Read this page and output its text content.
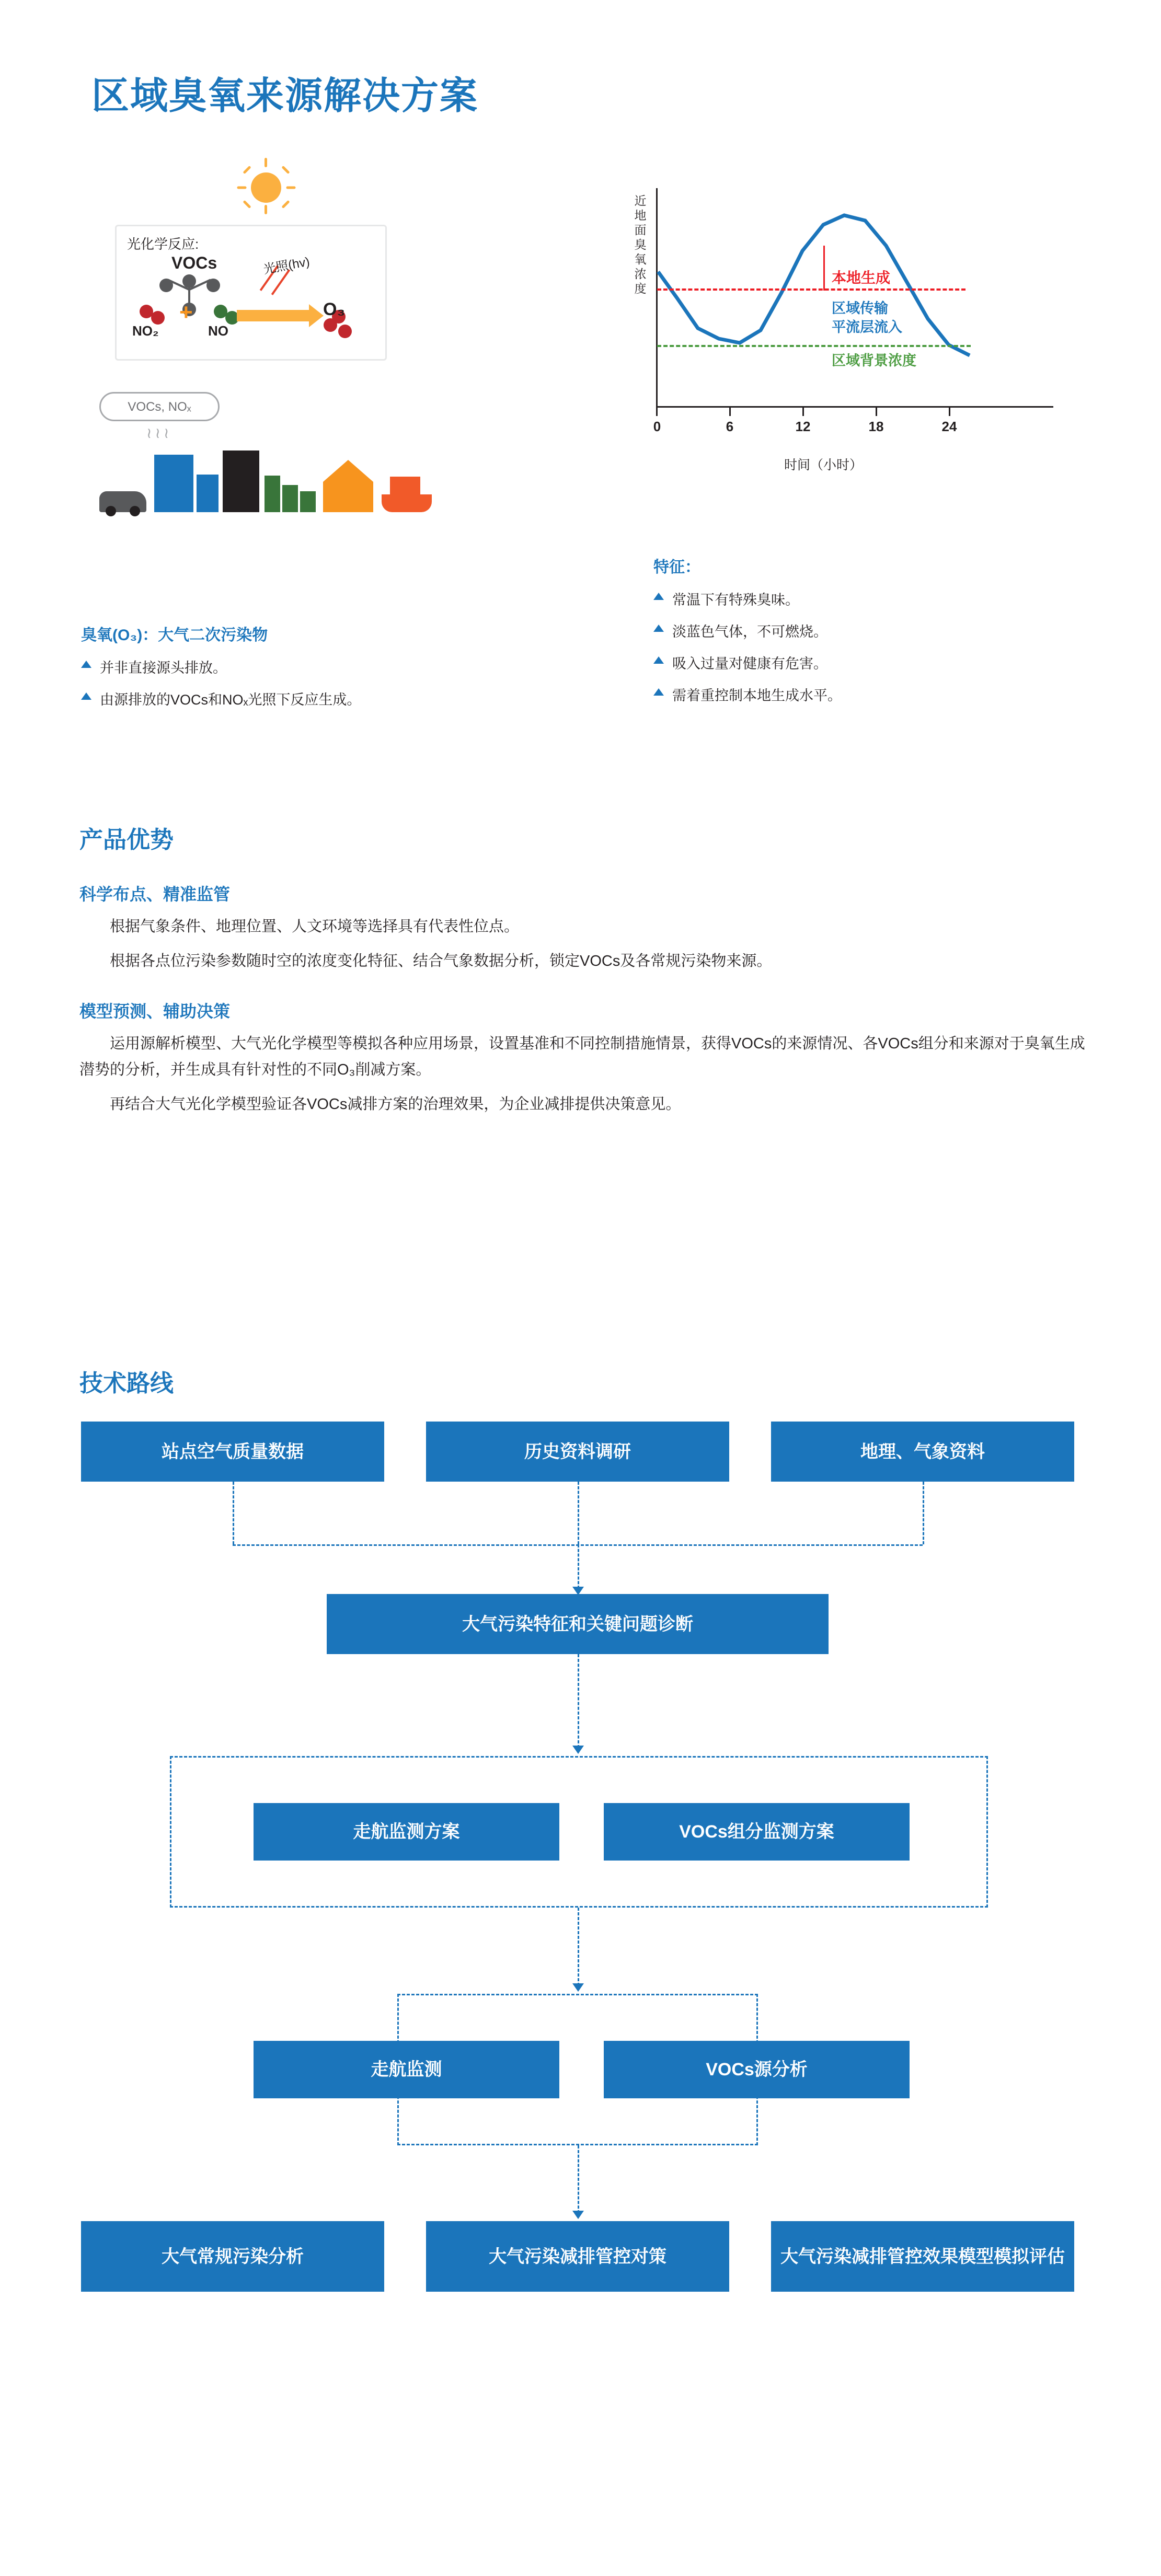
区域臭氧来源解决方案
光化学反应:
VOCs
+
NO₂	NO
光照(hv)
O₃
VOCs, NOₓ
≀≀≀
近地面臭氧浓度
0	6	12	18	24
本地生成
区域传输
平流层流入
区域背景浓度
时间（小时）
特征：
常温下有特殊臭味。
淡蓝色气体，不可燃烧。
吸入过量对健康有危害。
需着重控制本地生成水平。
臭氧(O₃)：大气二次污染物
并非直接源头排放。
由源排放的VOCs和NOₓ光照下反应生成。
产品优势
科学布点、精准监管
根据气象条件、地理位置、人文环境等选择具有代表性位点。
根据各点位污染参数随时空的浓度变化特征、结合气象数据分析，锁定VOCs及各常规污染物来源。
模型预测、辅助决策
运用源解析模型、大气光化学模型等模拟各种应用场景，设置基准和不同控制措施情景，获得VOCs的来源情况、各VOCs组分和来源对于臭氧生成潜势的分析，并生成具有针对性的不同O₃削减方案。
再结合大气光化学模型验证各VOCs减排方案的治理效果，为企业减排提供决策意见。
技术路线
站点空气质量数据	历史资料调研	地理、气象资料
大气污染特征和关键问题诊断
走航监测方案	VOCs组分监测方案
走航监测	VOCs源分析
大气常规污染分析	大气污染减排管控对策	大气污染减排管控效果模型模拟评估
